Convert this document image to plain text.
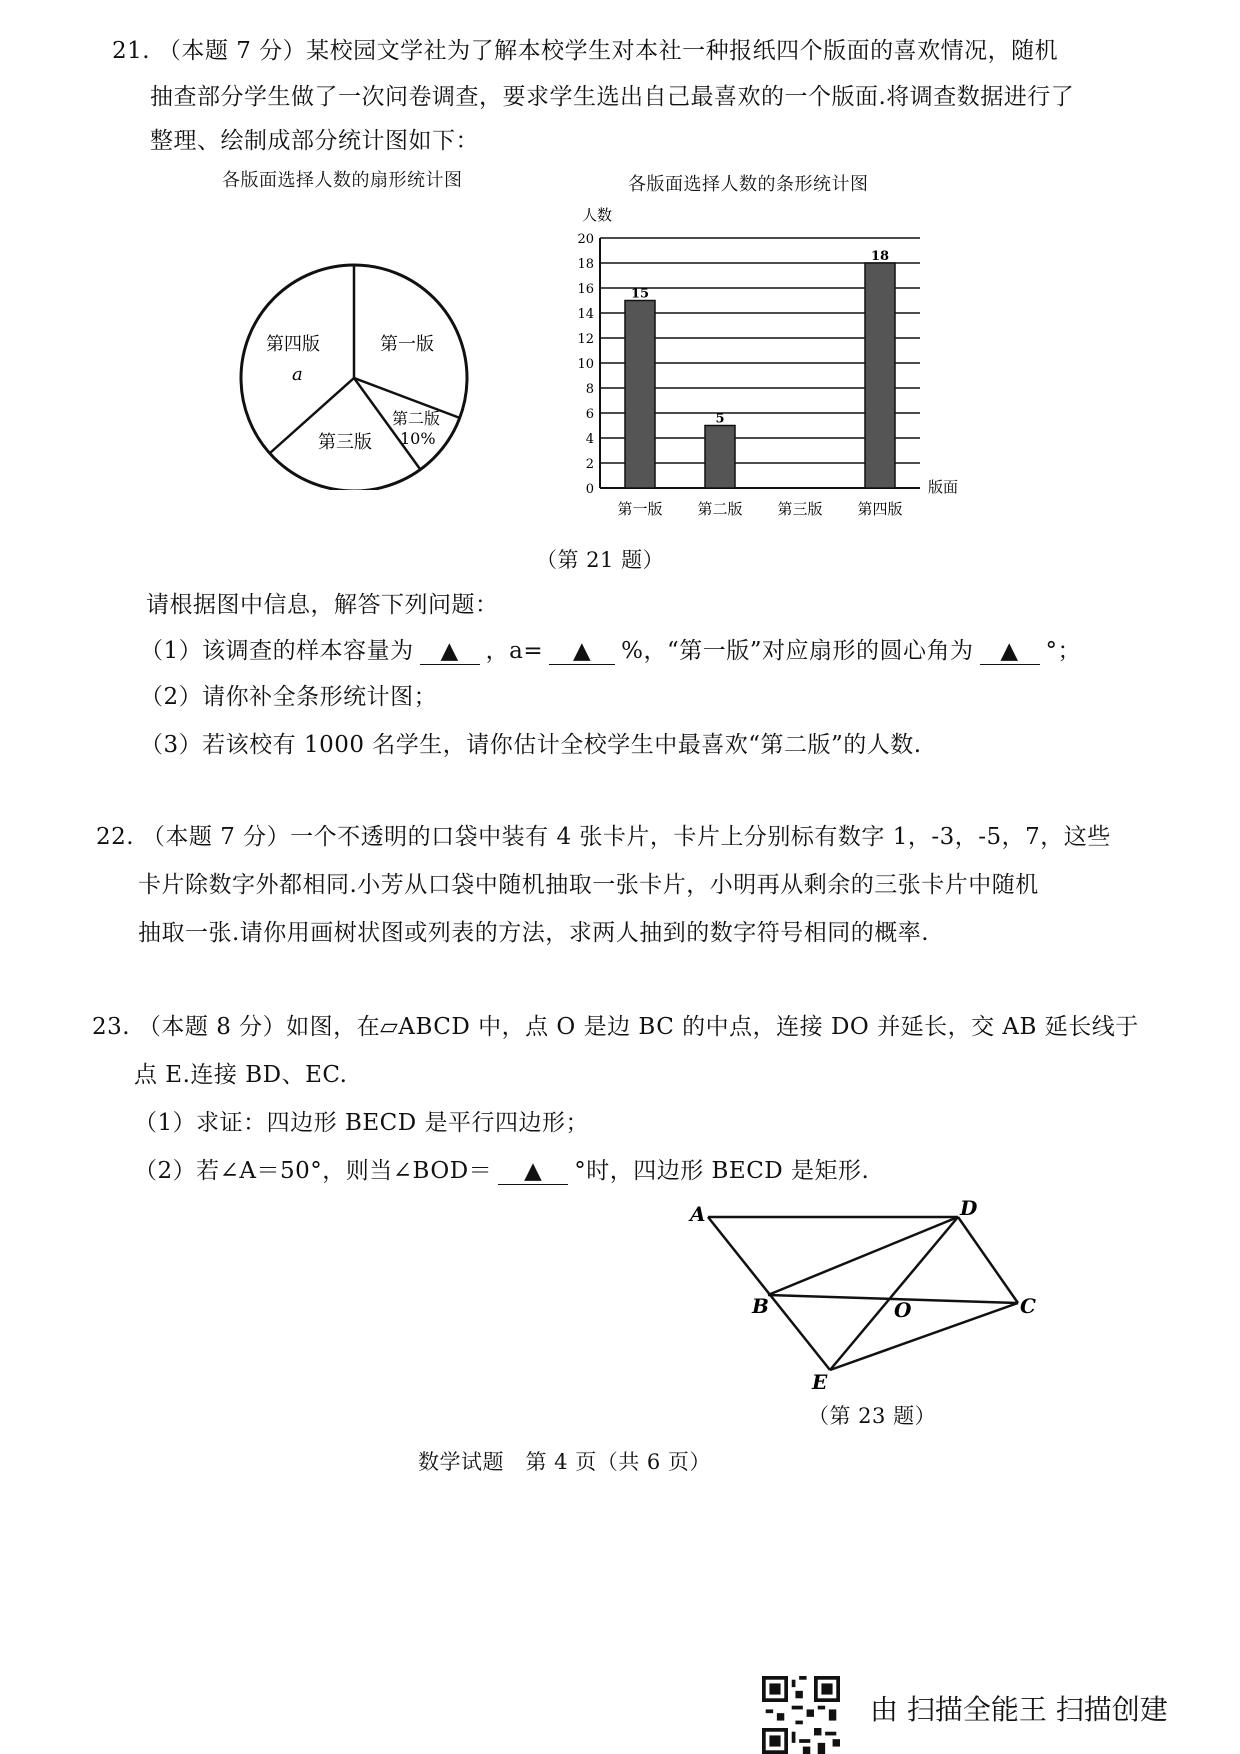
21. （本题 7 分）某校园文学社为了解本校学生对本社一种报纸四个版面的喜欢情况，随机
抽查部分学生做了一次问卷调查，要求学生选出自己最喜欢的一个版面.将调查数据进行了
整理、绘制成部分统计图如下：
各版面选择人数的扇形统计图	各版面选择人数的条形统计图
第四版
a
第一版
第二版
10%
第三版
0
2
4
6
8
10
12
14
16
18
20
15
第一版
5
第二版 第三版
18
第四版
人数
版面
（第 21 题）
请根据图中信息，解答下列问题：
（1）该调查的样本容量为 ▲ ，a= ▲ %，“第一版”对应扇形的圆心角为 ▲ °；
（2）请你补全条形统计图；
（3）若该校有 1000 名学生，请你估计全校学生中最喜欢“第二版”的人数.
22. （本题 7 分）一个不透明的口袋中装有 4 张卡片，卡片上分别标有数字 1，-3，-5，7，这些
卡片除数字外都相同.小芳从口袋中随机抽取一张卡片，小明再从剩余的三张卡片中随机
抽取一张.请你用画树状图或列表的方法，求两人抽到的数字符号相同的概率.
23. （本题 8 分）如图，在▱ABCD 中，点 O 是边 BC 的中点，连接 DO 并延长，交 AB 延长线于
点 E.连接 BD、EC.
（1）求证：四边形 BECD 是平行四边形；
（2）若∠A＝50°，则当∠BOD＝ ▲ °时，四边形 BECD 是矩形.
A	D
B	O	C
E
（第 23 题）
数学试题　第 4 页（共 6 页）
由 扫描全能王 扫描创建
